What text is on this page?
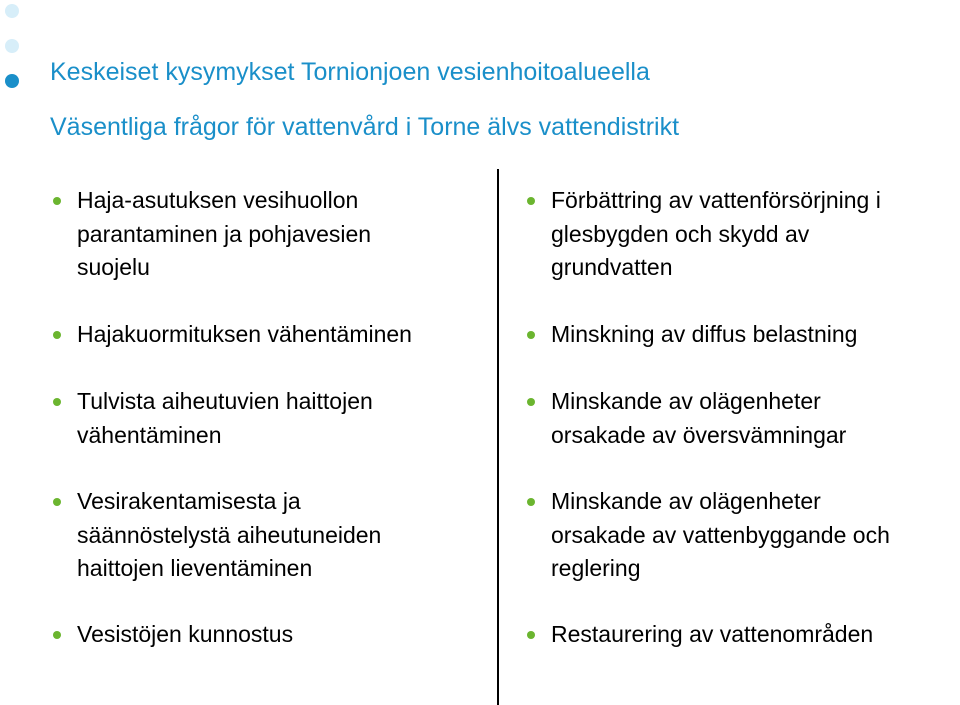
Keskeiset kysymykset Tornionjoen vesienhoitoalueella
Väsentliga frågor för vattenvård i Torne älvs vattendistrikt
Haja-asutuksen vesihuollon
parantaminen ja pohjavesien
suojelu
Hajakuormituksen vähentäminen
Tulvista aiheutuvien haittojen
vähentäminen
Vesirakentamisesta ja
säännöstelystä aiheutuneiden
haittojen lieventäminen
Vesistöjen kunnostus
Förbättring av vattenförsörjning i
glesbygden och skydd av
grundvatten
Minskning av diffus belastning
Minskande av olägenheter
orsakade av översvämningar
Minskande av olägenheter
orsakade av vattenbyggande och
reglering
Restaurering av vattenområden
